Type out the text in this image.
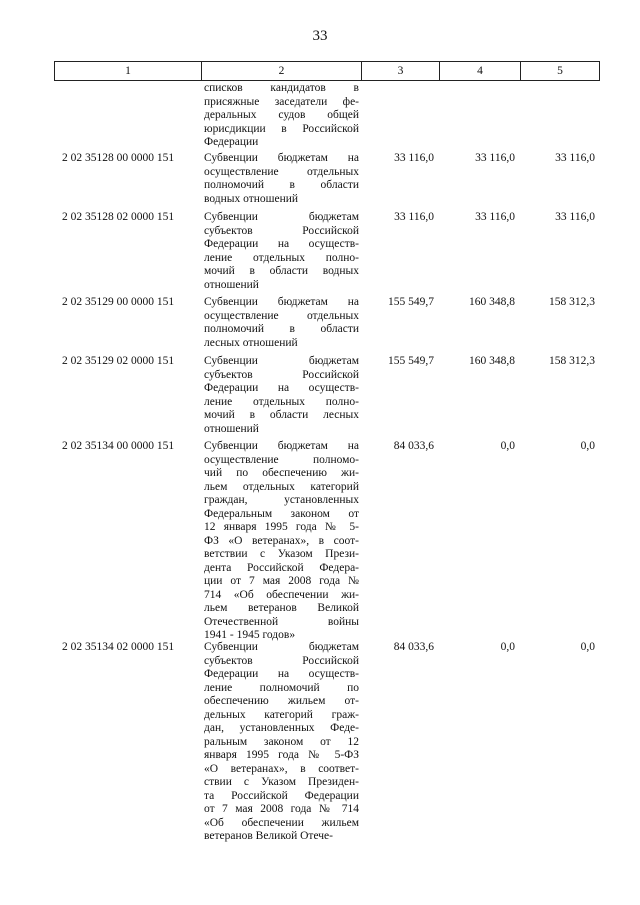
33
1	2	3	4	5
списков кандидатов в
присяжные заседатели фе-
деральных судов общей
юрисдикции в Российской
Федерации
2 02 35128 00 0000 151	Субвенции бюджетам на
осуществление отдельных
полномочий в области
водных отношений
33 116,0	33 116,0	33 116,0
2 02 35128 02 0000 151	Субвенции бюджетам
субъектов Российской
Федерации на осуществ-
ление отдельных полно-
мочий в области водных
отношений
33 116,0	33 116,0	33 116,0
2 02 35129 00 0000 151	Субвенции бюджетам на
осуществление отдельных
полномочий в области
лесных отношений
155 549,7	160 348,8	158 312,3
2 02 35129 02 0000 151	Субвенции бюджетам
субъектов Российской
Федерации на осуществ-
ление отдельных полно-
мочий в области лесных
отношений
155 549,7	160 348,8	158 312,3
2 02 35134 00 0000 151	Субвенции бюджетам на
осуществление полномо-
чий по обеспечению жи-
льем отдельных категорий
граждан, установленных
Федеральным законом от
12 января 1995 года № 5-
ФЗ «О ветеранах», в соот-
ветствии с Указом Прези-
дента Российской Федера-
ции от 7 мая 2008 года №
714 «Об обеспечении жи-
льем ветеранов Великой
Отечественной войны
1941 - 1945 годов»
84 033,6	0,0	0,0
2 02 35134 02 0000 151	Субвенции бюджетам
субъектов Российской
Федерации на осуществ-
ление полномочий по
обеспечению жильем от-
дельных категорий граж-
дан, установленных Феде-
ральным законом от 12
января 1995 года № 5-ФЗ
«О ветеранах», в соответ-
ствии с Указом Президен-
та Российской Федерации
от 7 мая 2008 года № 714
«Об обеспечении жильем
ветеранов Великой Отече-
84 033,6	0,0	0,0
